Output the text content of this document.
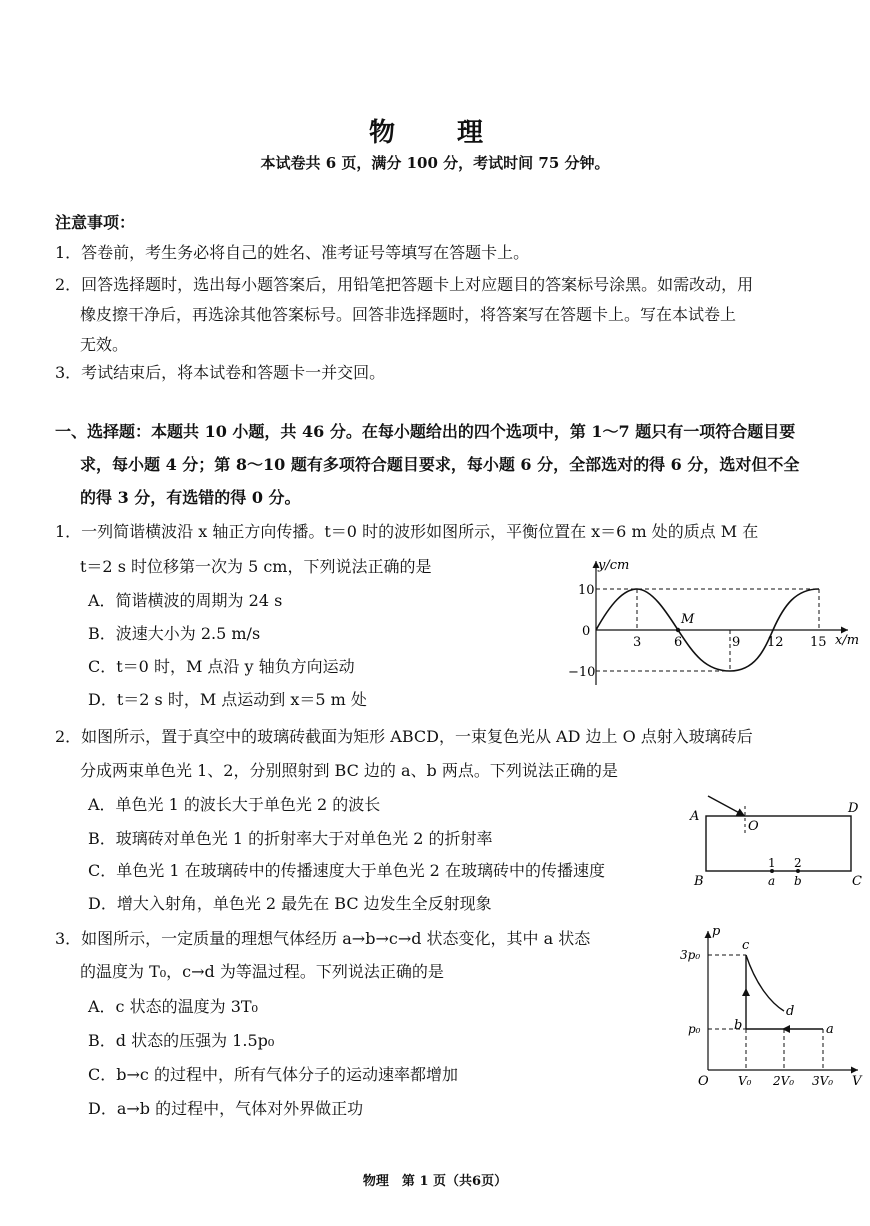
物　理
本试卷共 6 页，满分 100 分，考试时间 75 分钟。
注意事项：
1．答卷前，考生务必将自己的姓名、准考证号等填写在答题卡上。
2．回答选择题时，选出每小题答案后，用铅笔把答题卡上对应题目的答案标号涂黑。如需改动，用
橡皮擦干净后，再选涂其他答案标号。回答非选择题时，将答案写在答题卡上。写在本试卷上
无效。
3．考试结束后，将本试卷和答题卡一并交回。
一、选择题：本题共 10 小题，共 46 分。在每小题给出的四个选项中，第 1～7 题只有一项符合题目要
求，每小题 4 分；第 8～10 题有多项符合题目要求，每小题 6 分，全部选对的得 6 分，选对但不全
的得 3 分，有选错的得 0 分。
1．一列简谐横波沿 x 轴正方向传播。t＝0 时的波形如图所示，平衡位置在 x＝6 m 处的质点 M 在
t＝2 s 时位移第一次为 5 cm，下列说法正确的是
A．简谐横波的周期为 24 s
B．波速大小为 2.5 m/s
C．t＝0 时，M 点沿 y 轴负方向运动
D．t＝2 s 时，M 点运动到 x＝5 m 处
y/cm
x/m
0
10
−10
3	6	9 12 15
M
2．如图所示，置于真空中的玻璃砖截面为矩形 ABCD，一束复色光从 AD 边上 O 点射入玻璃砖后
分成两束单色光 1、2，分别照射到 BC 边的 a、b 两点。下列说法正确的是
A．单色光 1 的波长大于单色光 2 的波长
B．玻璃砖对单色光 1 的折射率大于对单色光 2 的折射率
C．单色光 1 在玻璃砖中的传播速度大于单色光 2 在玻璃砖中的传播速度
D．增大入射角，单色光 2 最先在 BC 边发生全反射现象
A
B	C
D
O
1 2
a b
3．如图所示，一定质量的理想气体经历 a→b→c→d 状态变化，其中 a 状态
的温度为 T₀，c→d 为等温过程。下列说法正确的是
A．c 状态的温度为 3T₀
B．d 状态的压强为 1.5p₀
C．b→c 的过程中，所有气体分子的运动速率都增加
D．a→b 的过程中，气体对外界做正功
p
V
O
3p₀
p₀
V₀ 2V₀ 3V₀
a
b
c
d
物理　第 1 页（共6页）
